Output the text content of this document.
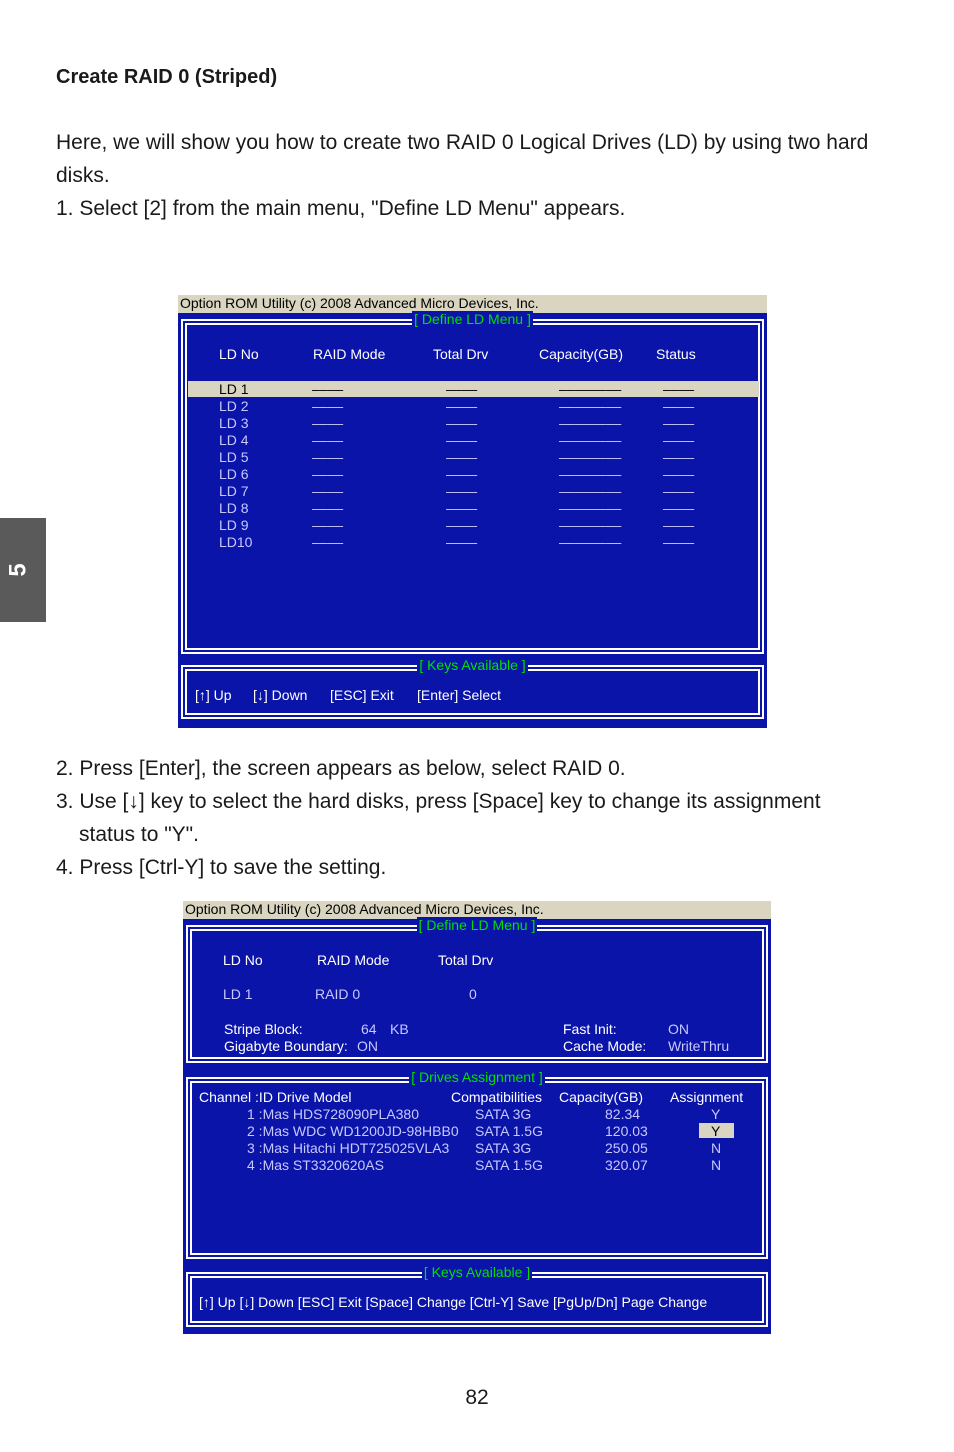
Create RAID 0 (Striped)
Here, we will show you how to create two RAID 0 Logical Drives (LD) by using two hard disks.
1. Select [2] from the main menu, "Define LD Menu" appears.
5
Option ROM Utility (c) 2008 Advanced Micro Devices, Inc.
[ Define LD Menu ]
LD No	RAID Mode	Total Drv	Capacity(GB) Status
LD 1	––––	––––	––––––––	––––
LD 2	––––	––––	––––––––	––––
LD 3	––––	––––	––––––––	––––
LD 4	––––	––––	––––––––	––––
LD 5	––––	––––	––––––––	––––
LD 6	––––	––––	––––––––	––––
LD 7	––––	––––	––––––––	––––
LD 8	––––	––––	––––––––	––––
LD 9	––––	––––	––––––––	––––
LD10	––––	––––	––––––––	––––
[ Keys Available ]
[↑] Up [↓] Down [ESC] Exit [Enter] Select
2. Press [Enter], the screen appears as below, select RAID 0.
3. Use [↓] key to select the hard disks, press [Space] key to change its assignment
status to "Y".
4. Press [Ctrl-Y] to save the setting.
Option ROM Utility (c) 2008 Advanced Micro Devices, Inc.
[ Define LD Menu ]
LD No	RAID Mode	Total Drv
LD 1	RAID 0	0
Stripe Block:	64 KB
Gigabyte Boundary: ON
Fast Init:	ON
Cache Mode: WriteThru
[ Drives Assignment ]
Channel :ID Drive Model	Compatibilities Capacity(GB) Assignment
1 :Mas HDS728090PLA380	SATA 3G	82.34	Y
2 :Mas WDC WD1200JD-98HBB0 SATA 1.5G	120.03	Y
3 :Mas Hitachi HDT725025VLA3 SATA 3G	250.05	N
4 :Mas ST3320620AS	SATA 1.5G	320.07	N
[ Keys Available ]
[↑] Up [↓] Down [ESC] Exit [Space] Change [Ctrl-Y] Save [PgUp/Dn] Page Change
82
